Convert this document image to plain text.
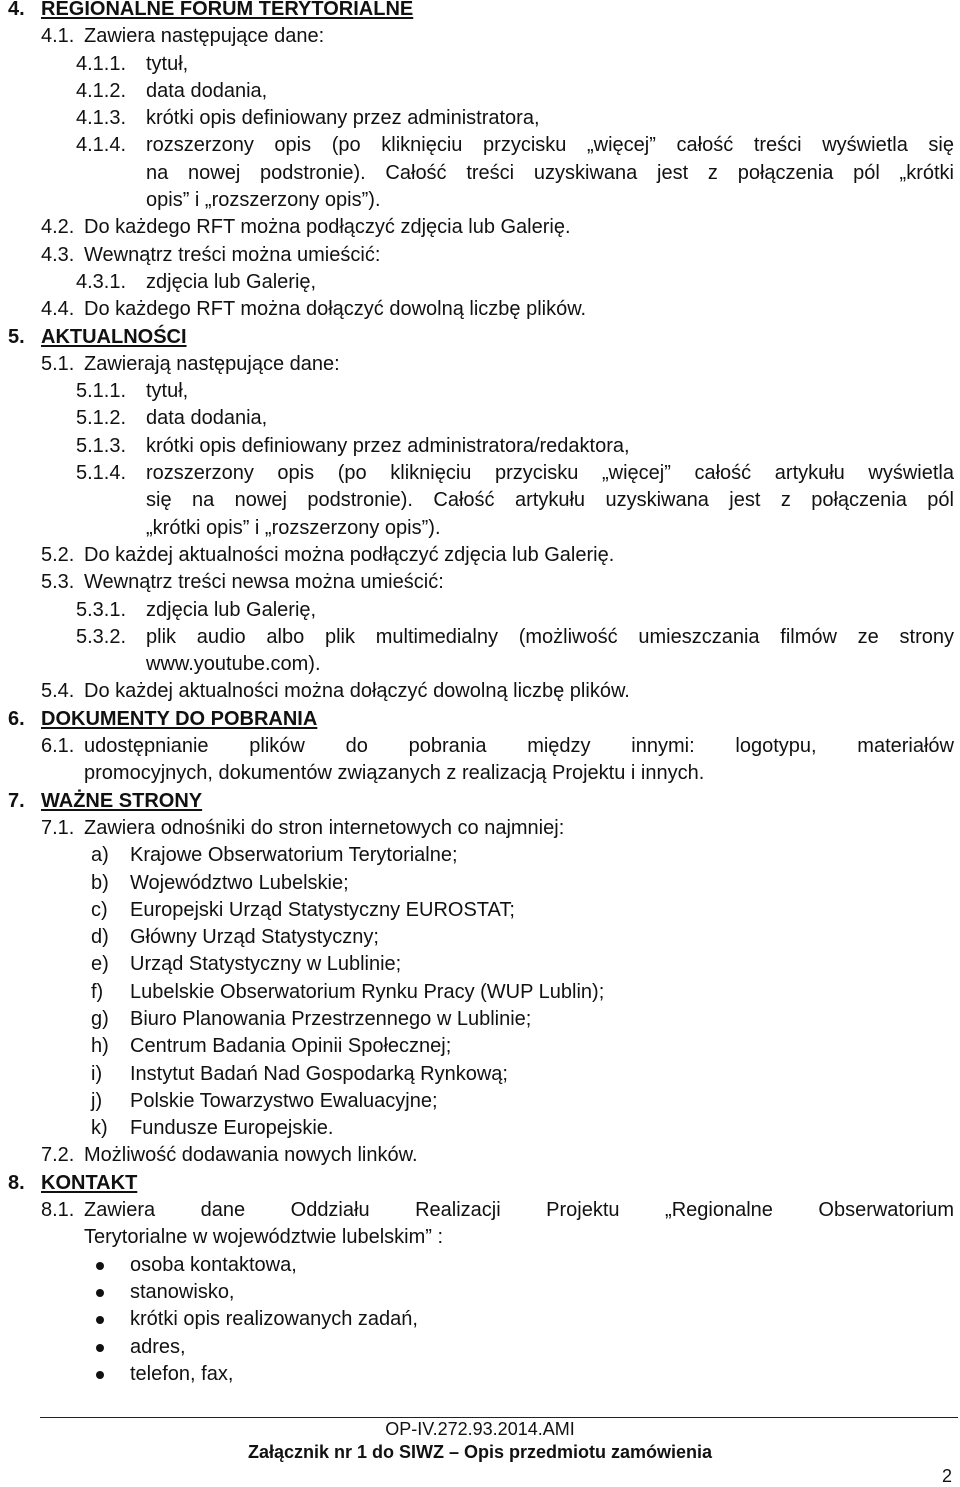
4. REGIONALNE FORUM TERYTORIALNE
4.1. Zawiera następujące dane:
4.1.1. tytuł,
4.1.2. data dodania,
4.1.3. krótki opis definiowany przez administratora,
4.1.4. rozszerzony opis (po kliknięciu przycisku „więcej” całość treści wyświetla się
na nowej podstronie). Całość treści uzyskiwana jest z połączenia pól „krótki
opis” i „rozszerzony opis”).
4.2. Do każdego RFT można podłączyć zdjęcia lub Galerię.
4.3. Wewnątrz treści można umieścić:
4.3.1. zdjęcia lub Galerię,
4.4. Do każdego RFT można dołączyć dowolną liczbę plików.
5. AKTUALNOŚCI
5.1. Zawierają następujące dane:
5.1.1. tytuł,
5.1.2. data dodania,
5.1.3. krótki opis definiowany przez administratora/redaktora,
5.1.4. rozszerzony opis (po kliknięciu przycisku „więcej” całość artykułu wyświetla
się na nowej podstronie). Całość artykułu uzyskiwana jest z połączenia pól
„krótki opis” i „rozszerzony opis”).
5.2. Do każdej aktualności można podłączyć zdjęcia lub Galerię.
5.3. Wewnątrz treści newsa można umieścić:
5.3.1. zdjęcia lub Galerię,
5.3.2. plik audio albo plik multimedialny (możliwość umieszczania filmów ze strony
www.youtube.com).
5.4. Do każdej aktualności można dołączyć dowolną liczbę plików.
6. DOKUMENTY DO POBRANIA
6.1. udostępnianie plików do pobrania między innymi: logotypu, materiałów
promocyjnych, dokumentów związanych z realizacją Projektu i innych.
7. WAŻNE STRONY
7.1. Zawiera odnośniki do stron internetowych co najmniej:
a) Krajowe Obserwatorium Terytorialne;
b) Województwo Lubelskie;
c) Europejski Urząd Statystyczny EUROSTAT;
d) Główny Urząd Statystyczny;
e) Urząd Statystyczny w Lublinie;
f) Lubelskie Obserwatorium Rynku Pracy (WUP Lublin);
g) Biuro Planowania Przestrzennego w Lublinie;
h) Centrum Badania Opinii Społecznej;
i) Instytut Badań Nad Gospodarką Rynkową;
j) Polskie Towarzystwo Ewaluacyjne;
k) Fundusze Europejskie.
7.2. Możliwość dodawania nowych linków.
8. KONTAKT
8.1. Zawiera dane Oddziału Realizacji Projektu „Regionalne Obserwatorium
Terytorialne w województwie lubelskim” :
osoba kontaktowa,
stanowisko,
krótki opis realizowanych zadań,
adres,
telefon, fax,
OP-IV.272.93.2014.AMI
Załącznik nr 1 do SIWZ – Opis przedmiotu zamówienia
2
